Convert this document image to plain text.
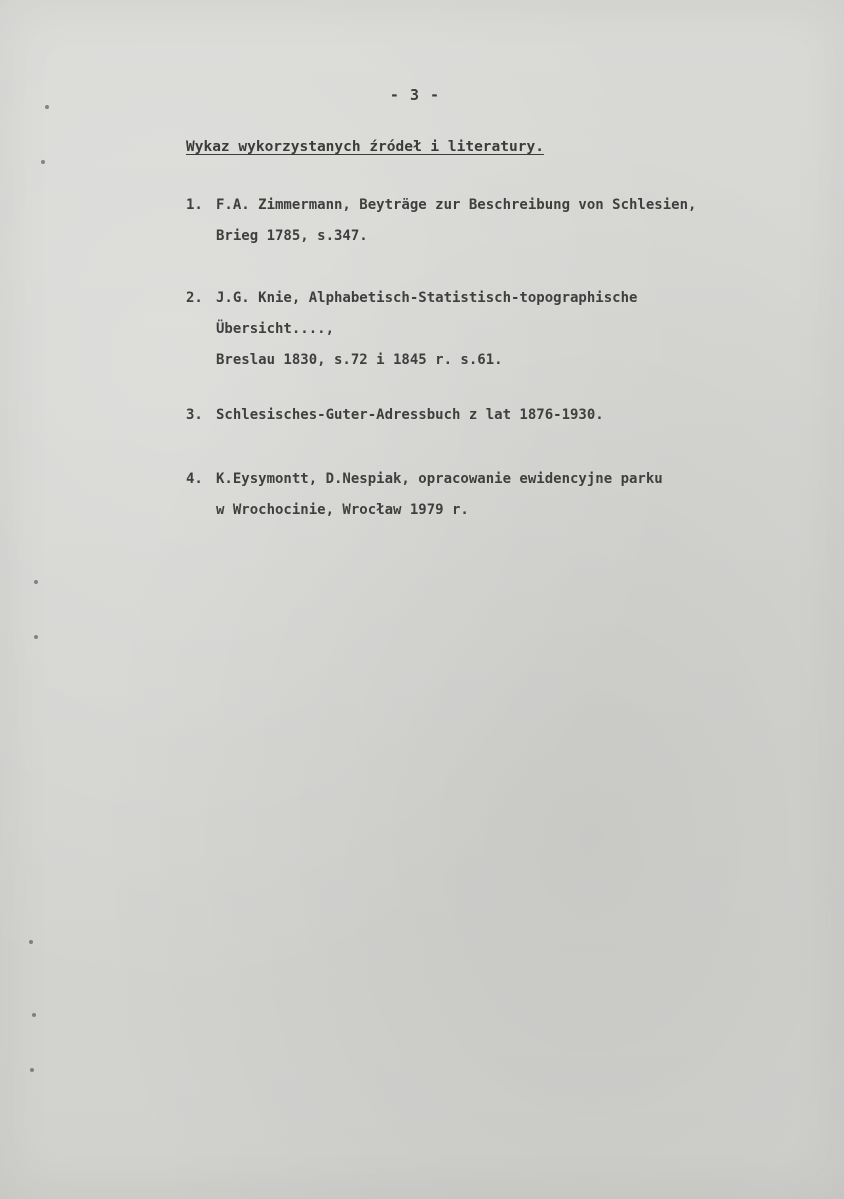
- 3 -
Wykaz wykorzystanych źródeł i literatury.
1. F.A. Zimmermann, Beyträge zur Beschreibung von Schlesien,
Brieg 1785, s.347.
2. J.G. Knie, Alphabetisch-Statistisch-topographische
Übersicht....,
Breslau 1830, s.72 i 1845 r. s.61.
3. Schlesisches-Guter-Adressbuch z lat 1876-1930.
4. K.Eysymontt, D.Nespiak, opracowanie ewidencyjne parku
w Wrochocinie, Wrocław 1979 r.
